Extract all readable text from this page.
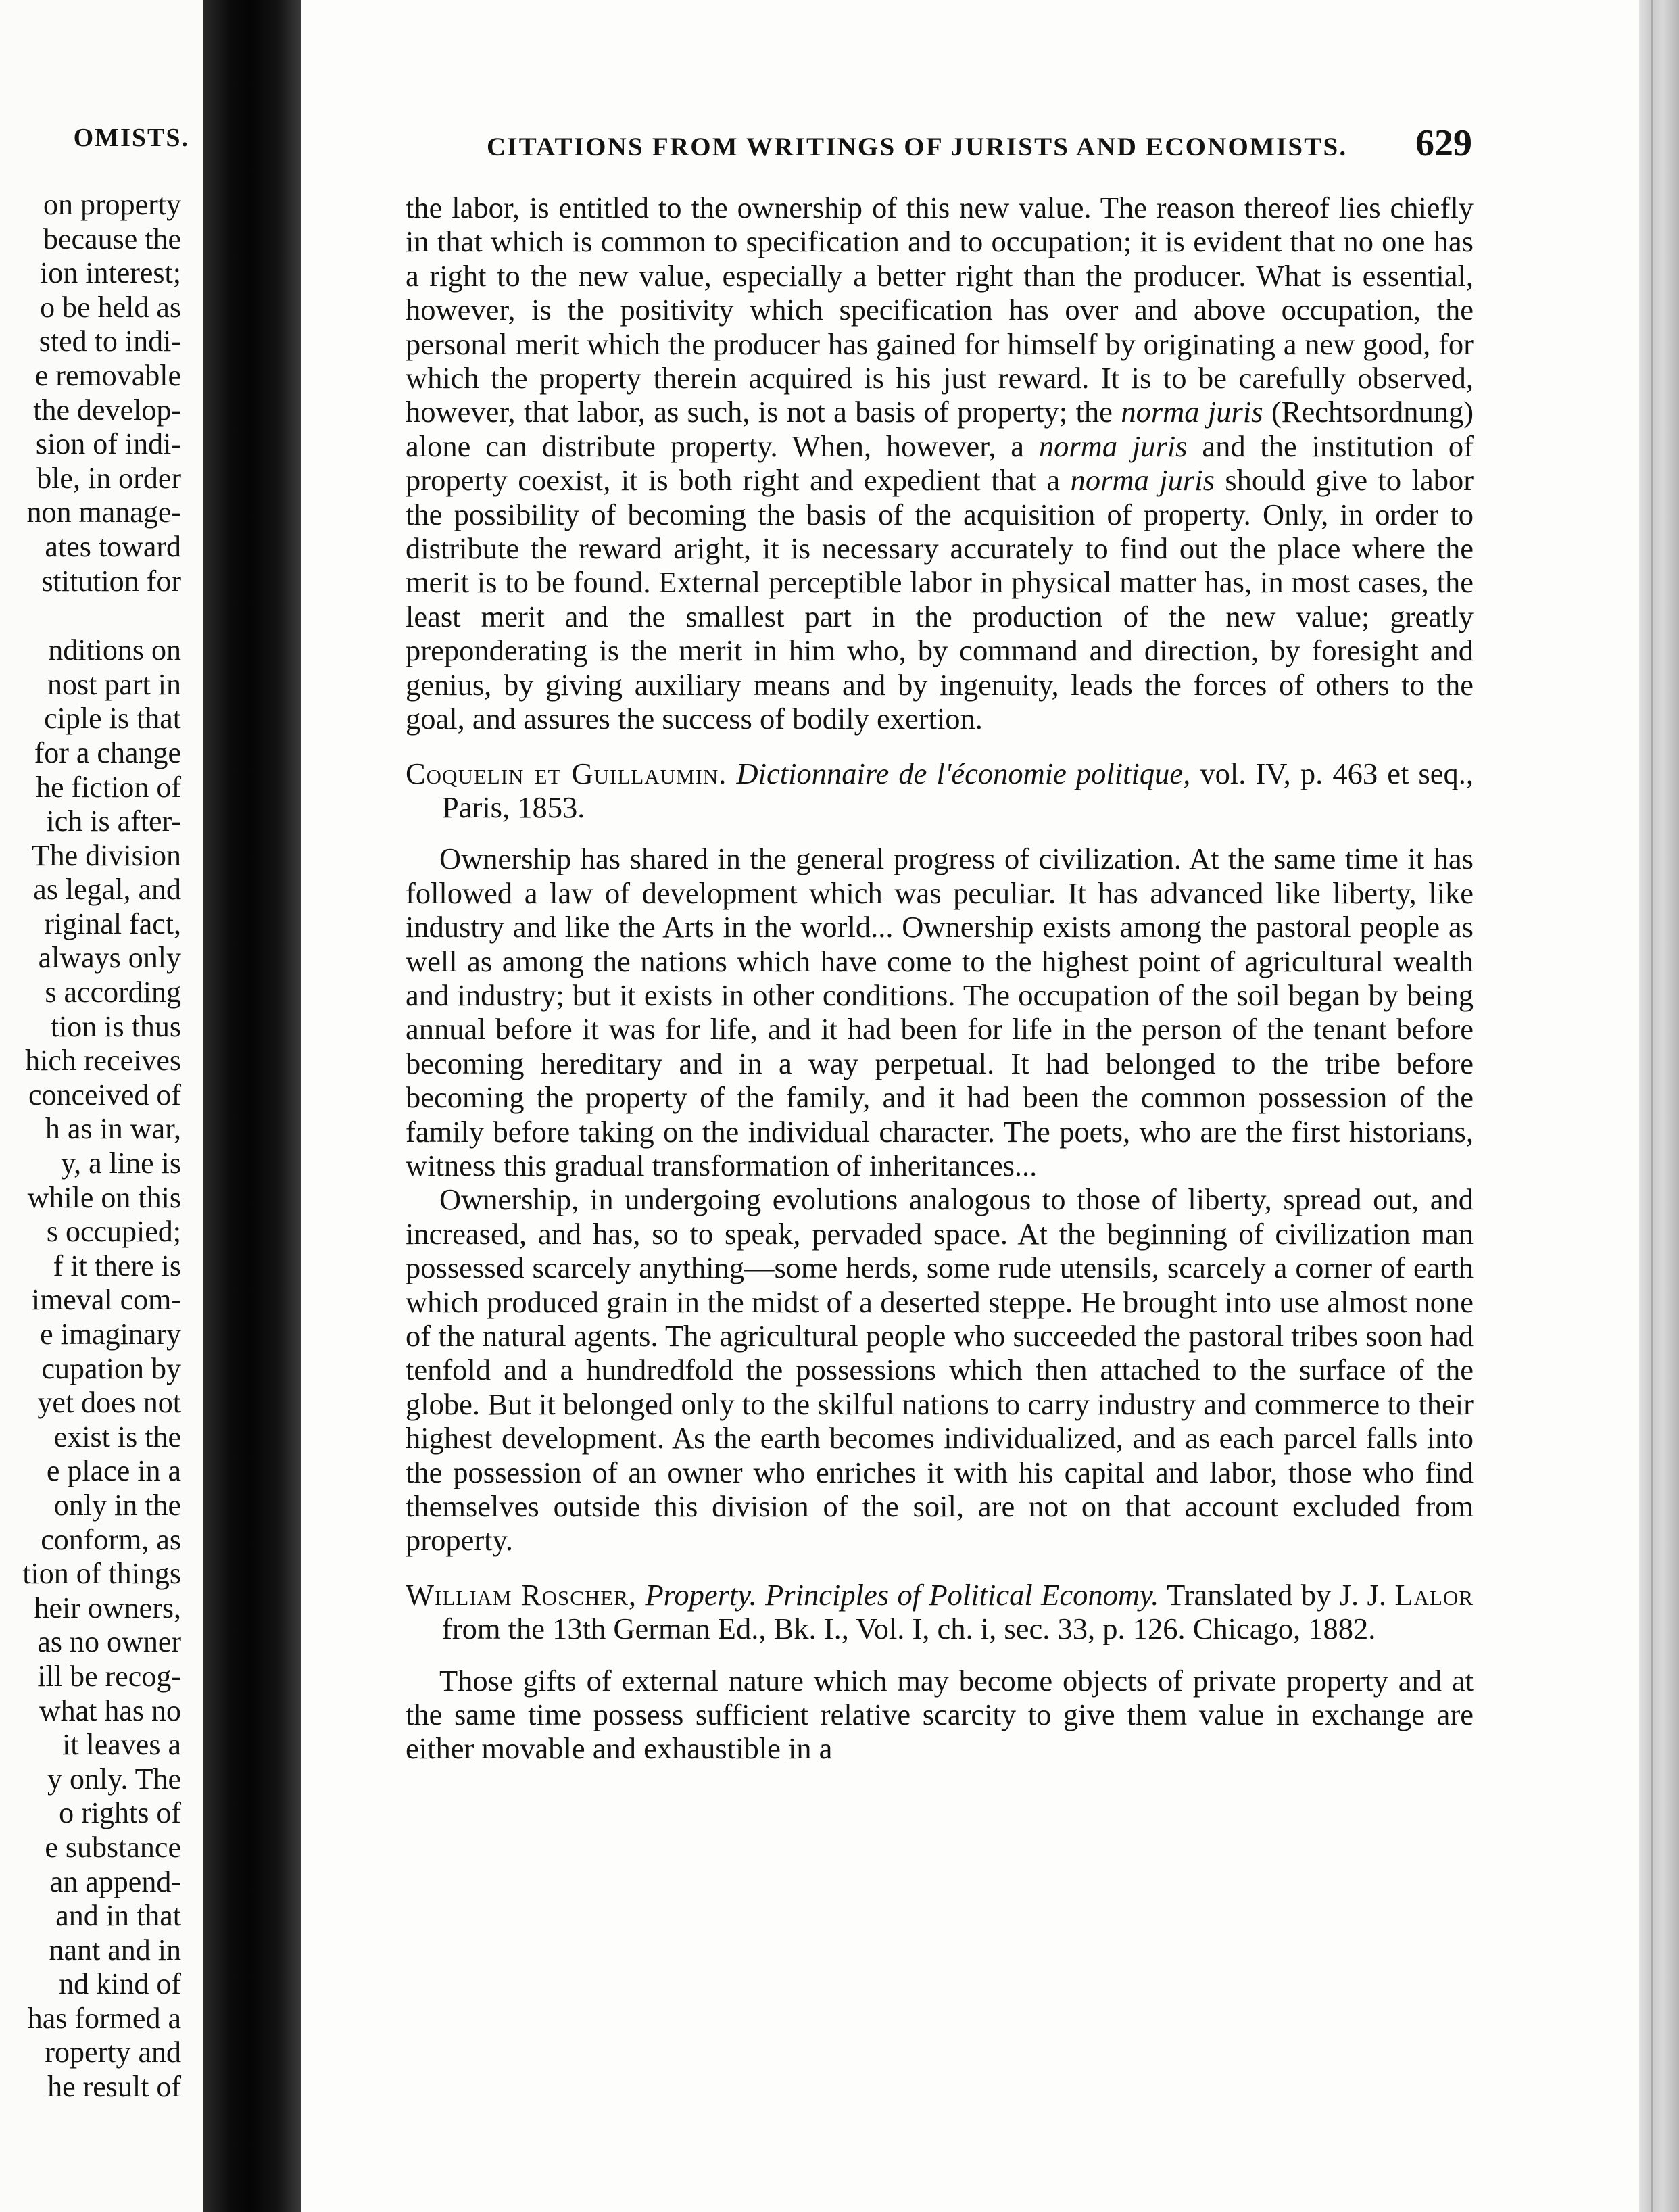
OMISTS.
on property
because the
ion interest;
o be held as
sted to indi-
e removable
the develop-
sion of indi-
ble, in order
non manage-
ates toward
stitution for
nditions on
nost part in
ciple is that
for a change
he fiction of
ich is after-
The division
as legal, and
riginal fact,
always only
s according
tion is thus
hich receives
conceived of
h as in war,
y, a line is
while on this
s occupied;
f it there is
imeval com-
e imaginary
cupation by
yet does not
exist is the
e place in a
only in the
conform, as
tion of things
heir owners,
as no owner
ill be recog-
what has no
it leaves a
y only. The
o rights of
e substance
an append-
and in that
nant and in
nd kind of
has formed a
roperty and
he result of
CITATIONS FROM WRITINGS OF JURISTS AND ECONOMISTS. 629

the labor, is entitled to the ownership of this new value. The reason thereof lies chiefly in that which is common to specification and to occupation; it is evident that no one has a right to the new value, especially a better right than the producer. What is essential, however, is the positivity which specification has over and above occupation, the personal merit which the producer has gained for himself by originating a new good, for which the property therein acquired is his just reward. It is to be carefully observed, however, that labor, as such, is not a basis of property; the norma juris (Rechtsordnung) alone can distribute property. When, however, a norma juris and the institution of property coexist, it is both right and expedient that a norma juris should give to labor the possibility of becoming the basis of the acquisition of property. Only, in order to distribute the reward aright, it is necessary accurately to find out the place where the merit is to be found. External perceptible labor in physical matter has, in most cases, the least merit and the smallest part in the production of the new value; greatly preponderating is the merit in him who, by command and direction, by foresight and genius, by giving auxiliary means and by ingenuity, leads the forces of others to the goal, and assures the success of bodily exertion.

Coquelin et Guillaumin. Dictionnaire de l'économie politique, vol. IV, p. 463 et seq., Paris, 1853.

Ownership has shared in the general progress of civilization. At the same time it has followed a law of development which was peculiar. It has advanced like liberty, like industry and like the Arts in the world... Ownership exists among the pastoral people as well as among the nations which have come to the highest point of agricultural wealth and industry; but it exists in other conditions. The occupation of the soil began by being annual before it was for life, and it had been for life in the person of the tenant before becoming hereditary and in a way perpetual. It had belonged to the tribe before becoming the property of the family, and it had been the common possession of the family before taking on the individual character. The poets, who are the first historians, witness this gradual transformation of inheritances...

Ownership, in undergoing evolutions analogous to those of liberty, spread out, and increased, and has, so to speak, pervaded space. At the beginning of civilization man possessed scarcely anything—some herds, some rude utensils, scarcely a corner of earth which produced grain in the midst of a deserted steppe. He brought into use almost none of the natural agents. The agricultural people who succeeded the pastoral tribes soon had tenfold and a hundredfold the possessions which then attached to the surface of the globe. But it belonged only to the skilful nations to carry industry and commerce to their highest development. As the earth becomes individualized, and as each parcel falls into the possession of an owner who enriches it with his capital and labor, those who find themselves outside this division of the soil, are not on that account excluded from property.

William Roscher, Property. Principles of Political Economy. Translated by J. J. Lalor from the 13th German Ed., Bk. I., Vol. I, ch. i, sec. 33, p. 126. Chicago, 1882.

Those gifts of external nature which may become objects of private property and at the same time possess sufficient relative scarcity to give them value in exchange are either movable and exhaustible in a
